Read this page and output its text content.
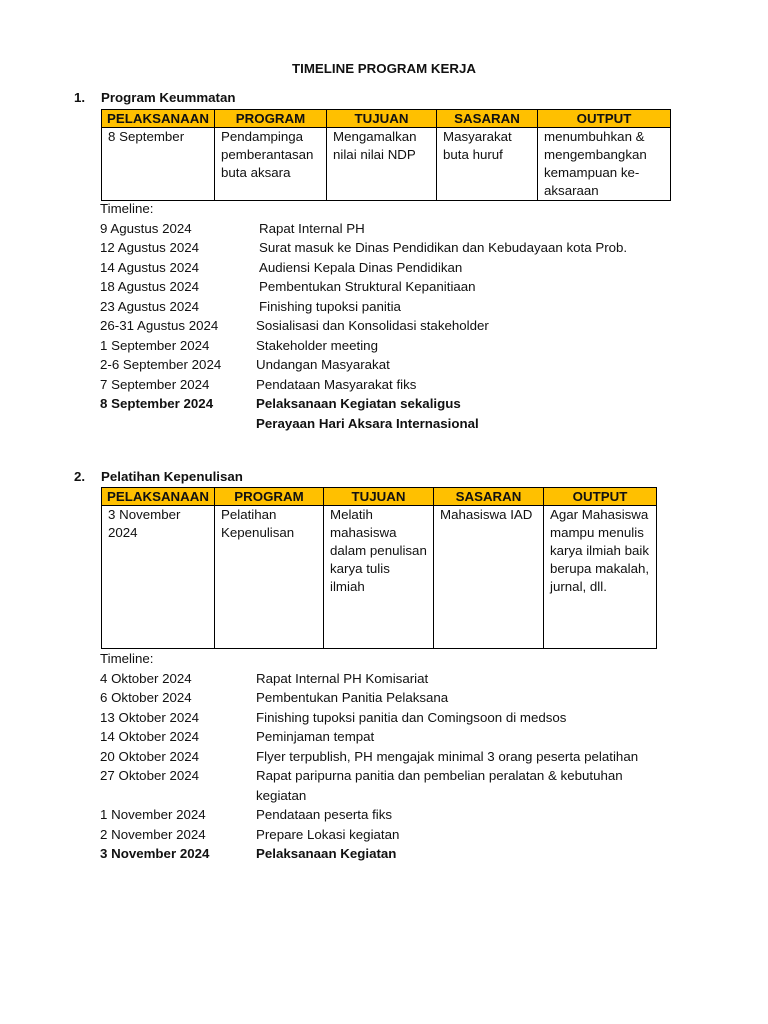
TIMELINE PROGRAM KERJA
1. Program Keummatan
PELAKSANAAN	PROGRAM	TUJUAN	SASARAN	OUTPUT
8 September	Pendampinga pemberantasan buta aksara	Mengamalkan nilai nilai NDP	Masyarakat buta huruf	menumbuhkan & mengembangkan kemampuan ke-aksaraan
Timeline:
9 Agustus 2024	Rapat Internal PH
12 Agustus 2024	Surat masuk ke Dinas Pendidikan dan Kebudayaan kota Prob.
14 Agustus 2024	Audiensi Kepala Dinas Pendidikan
18 Agustus 2024	Pembentukan Struktural Kepanitiaan
23 Agustus 2024	Finishing tupoksi panitia
26-31 Agustus 2024	Sosialisasi dan Konsolidasi stakeholder
1 September 2024	Stakeholder meeting
2-6 September 2024	Undangan Masyarakat
7 September 2024	Pendataan Masyarakat fiks
8 September 2024	Pelaksanaan Kegiatan sekaligus Perayaan Hari Aksara Internasional
2. Pelatihan Kepenulisan
PELAKSANAAN	PROGRAM	TUJUAN	SASARAN	OUTPUT
3 November 2024	Pelatihan Kepenulisan	Melatih mahasiswa dalam penulisan karya tulis ilmiah	Mahasiswa IAD	Agar Mahasiswa mampu menulis karya ilmiah baik berupa makalah, jurnal, dll.
Timeline:
4 Oktober 2024	Rapat Internal PH Komisariat
6 Oktober 2024	Pembentukan Panitia Pelaksana
13 Oktober 2024	Finishing tupoksi panitia dan Comingsoon di medsos
14 Oktober 2024	Peminjaman tempat
20 Oktober 2024	Flyer terpublish, PH mengajak minimal 3 orang peserta pelatihan
27 Oktober 2024	Rapat paripurna panitia dan pembelian peralatan & kebutuhan kegiatan
1 November 2024	Pendataan peserta fiks
2 November 2024	Prepare Lokasi kegiatan
3 November 2024	Pelaksanaan Kegiatan
